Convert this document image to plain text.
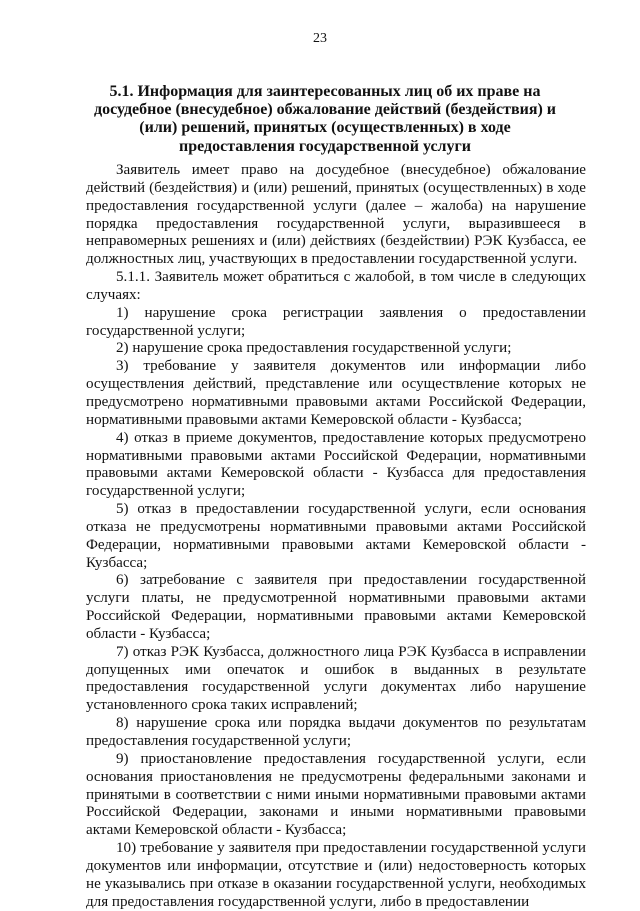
23
5.1. Информация для заинтересованных лиц об их праве на досудебное (внесудебное) обжалование действий (бездействия) и (или) решений, принятых (осуществленных) в ходе предоставления государственной услуги

Заявитель имеет право на досудебное (внесудебное) обжалование действий (бездействия) и (или) решений, принятых (осуществленных) в ходе предоставления государственной услуги (далее – жалоба) на нарушение порядка предоставления государственной услуги, выразившееся в неправомерных решениях и (или) действиях (бездействии) РЭК Кузбасса, ее должностных лиц, участвующих в предоставлении государственной услуги.

5.1.1. Заявитель может обратиться с жалобой, в том числе в следующих случаях:

1) нарушение срока регистрации заявления о предоставлении государственной услуги;

2) нарушение срока предоставления государственной услуги;

3) требование у заявителя документов или информации либо осуществления действий, представление или осуществление которых не предусмотрено нормативными правовыми актами Российской Федерации, нормативными правовыми актами Кемеровской области - Кузбасса;

4) отказ в приеме документов, предоставление которых предусмотрено нормативными правовыми актами Российской Федерации, нормативными правовыми актами Кемеровской области - Кузбасса для предоставления государственной услуги;

5) отказ в предоставлении государственной услуги, если основания отказа не предусмотрены нормативными правовыми актами Российской Федерации, нормативными правовыми актами Кемеровской области - Кузбасса;

6) затребование с заявителя при предоставлении государственной услуги платы, не предусмотренной нормативными правовыми актами Российской Федерации, нормативными правовыми актами Кемеровской области - Кузбасса;

7) отказ РЭК Кузбасса, должностного лица РЭК Кузбасса в исправлении допущенных ими опечаток и ошибок в выданных в результате предоставления государственной услуги документах либо нарушение установленного срока таких исправлений;

8) нарушение срока или порядка выдачи документов по результатам предоставления государственной услуги;

9) приостановление предоставления государственной услуги, если основания приостановления не предусмотрены федеральными законами и принятыми в соответствии с ними иными нормативными правовыми актами Российской Федерации, законами и иными нормативными правовыми актами Кемеровской области - Кузбасса;

10) требование у заявителя при предоставлении государственной услуги документов или информации, отсутствие и (или) недостоверность которых не указывались при отказе в оказании государственной услуги, необходимых для предоставления государственной услуги, либо в предоставлении
